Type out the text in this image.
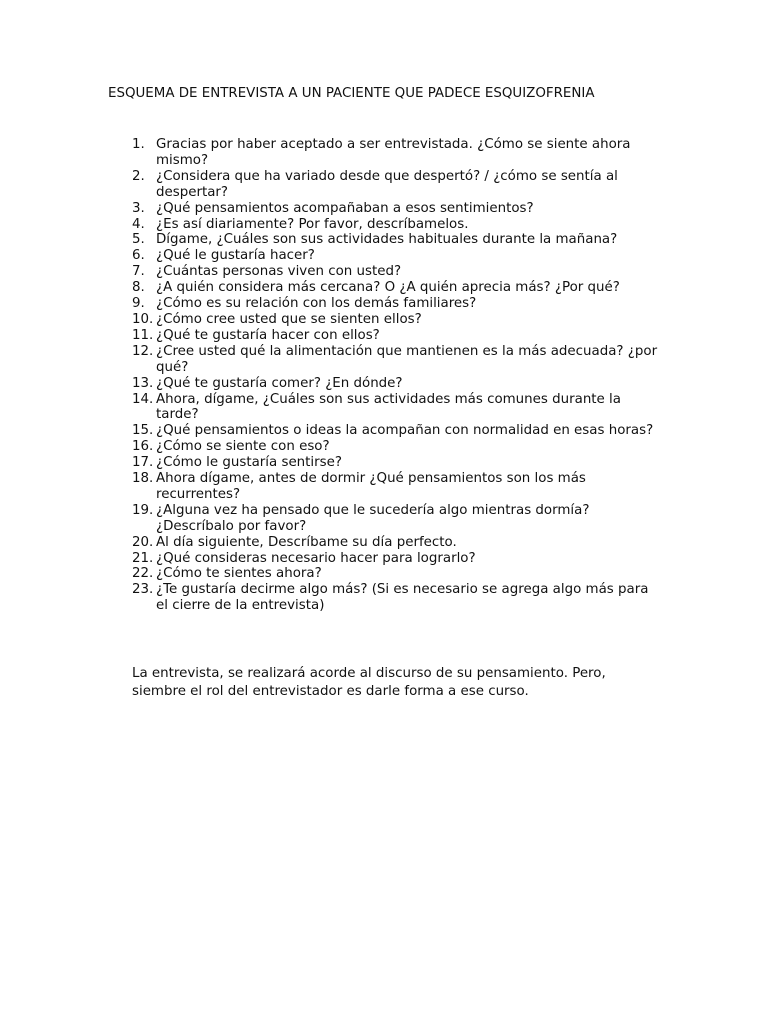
ESQUEMA DE ENTREVISTA A UN PACIENTE QUE PADECE ESQUIZOFRENIA
1. Gracias por haber aceptado a ser entrevistada. ¿Cómo se siente ahora mismo?
2. ¿Considera que ha variado desde que despertó? / ¿cómo se sentía al despertar?
3. ¿Qué pensamientos acompañaban a esos sentimientos?
4. ¿Es así diariamente? Por favor, descríbamelos.
5. Dígame, ¿Cuáles son sus actividades habituales durante la mañana?
6. ¿Qué le gustaría hacer?
7. ¿Cuántas personas viven con usted?
8. ¿A quién considera más cercana? O ¿A quién aprecia más? ¿Por qué?
9. ¿Cómo es su relación con los demás familiares?
10. ¿Cómo cree usted que se sienten ellos?
11. ¿Qué te gustaría hacer con ellos?
12. ¿Cree usted qué la alimentación que mantienen es la más adecuada? ¿por qué?
13. ¿Qué te gustaría comer? ¿En dónde?
14. Ahora, dígame, ¿Cuáles son sus actividades más comunes durante la tarde?
15. ¿Qué pensamientos o ideas la acompañan con normalidad en esas horas?
16. ¿Cómo se siente con eso?
17. ¿Cómo le gustaría sentirse?
18. Ahora dígame, antes de dormir ¿Qué pensamientos son los más recurrentes?
19. ¿Alguna vez ha pensado que le sucedería algo mientras dormía? ¿Descríbalo por favor?
20. Al día siguiente, Descríbame su día perfecto.
21. ¿Qué consideras necesario hacer para lograrlo?
22. ¿Cómo te sientes ahora?
23. ¿Te gustaría decirme algo más? (Si es necesario se agrega algo más para el cierre de la entrevista)

La entrevista, se realizará acorde al discurso de su pensamiento. Pero, siembre el rol del entrevistador es darle forma a ese curso.
